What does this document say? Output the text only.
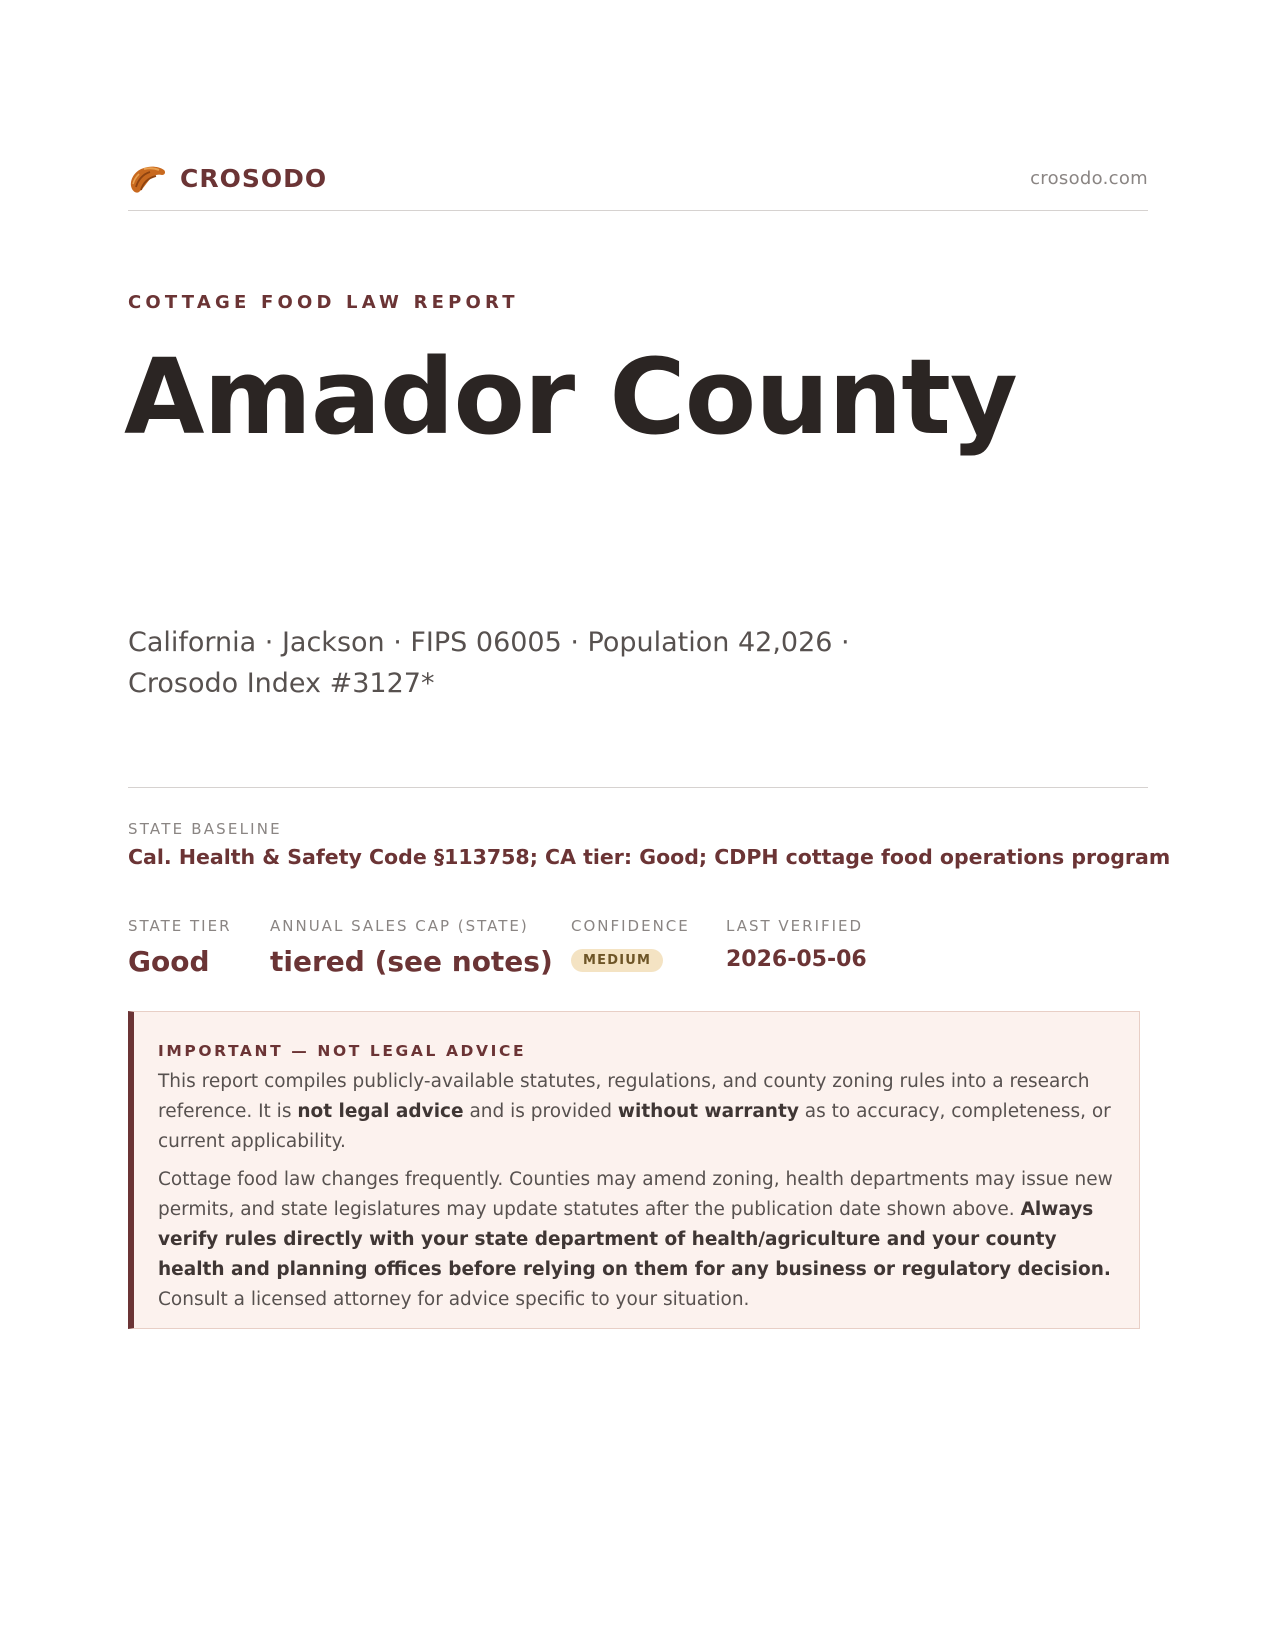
CROSODO	crosodo.com
COTTAGE FOOD LAW REPORT
Amador County
California · Jackson · FIPS 06005 · Population 42,026 · Crosodo Index #3127*
STATE BASELINE
Cal. Health & Safety Code §113758; CA tier: Good; CDPH cottage food operations program
STATE TIER
Good
ANNUAL SALES CAP (STATE)
tiered (see notes)
CONFIDENCE
MEDIUM
LAST VERIFIED
2026-05-06
IMPORTANT — NOT LEGAL ADVICE

This report compiles publicly-available statutes, regulations, and county zoning rules into a research reference. It is not legal advice and is provided without warranty as to accuracy, completeness, or current applicability.

Cottage food law changes frequently. Counties may amend zoning, health departments may issue new permits, and state legislatures may update statutes after the publication date shown above. Always verify rules directly with your state department of health/agriculture and your county health and planning offices before relying on them for any business or regulatory decision. Consult a licensed attorney for advice specific to your situation.
